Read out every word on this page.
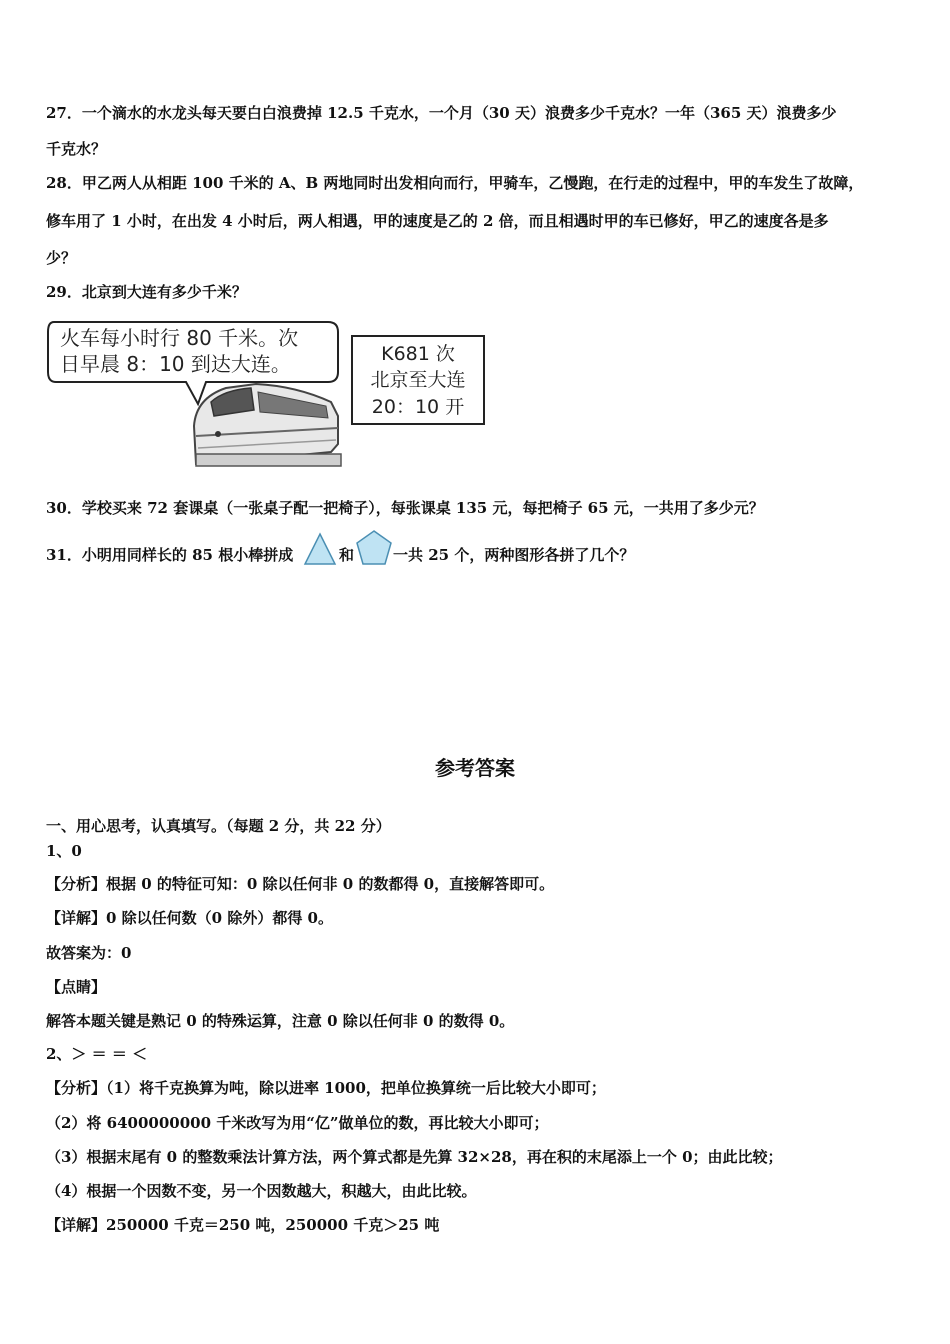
27．一个滴水的水龙头每天要白白浪费掉 12.5 千克水，一个月（30 天）浪费多少千克水？一年（365 天）浪费多少
千克水？
28．甲乙两人从相距 100 千米的 A、B 两地同时出发相向而行，甲骑车，乙慢跑，在行走的过程中，甲的车发生了故障，
修车用了 1 小时，在出发 4 小时后，两人相遇，甲的速度是乙的 2 倍，而且相遇时甲的车已修好，甲乙的速度各是多
少？
29．北京到大连有多少千米？
火车每小时行 80 千米。次
日早晨 8：10 到达大连。	K681 次
北京至大连
20：10 开
30．学校买来 72 套课桌（一张桌子配一把椅子），每张课桌 135 元，每把椅子 65 元，一共用了多少元？
31．小明用同样长的 85 根小棒拼成	和	一共 25 个，两种图形各拼了几个？
参考答案
一、用心思考，认真填写。（每题 2 分，共 22 分）
1、0
【分析】根据 0 的特征可知：0 除以任何非 0 的数都得 0，直接解答即可。
【详解】0 除以任何数（0 除外）都得 0。
故答案为：0
【点睛】
解答本题关键是熟记 0 的特殊运算，注意 0 除以任何非 0 的数得 0。
2、＞ ＝ ＝ ＜
【分析】（1）将千克换算为吨，除以进率 1000，把单位换算统一后比较大小即可；
（2）将 6400000000 千米改写为用“亿”做单位的数，再比较大小即可；
（3）根据末尾有 0 的整数乘法计算方法，两个算式都是先算 32×28，再在积的末尾添上一个 0；由此比较；
（4）根据一个因数不变，另一个因数越大，积越大，由此比较。
【详解】250000 千克＝250 吨，250000 千克＞25 吨
